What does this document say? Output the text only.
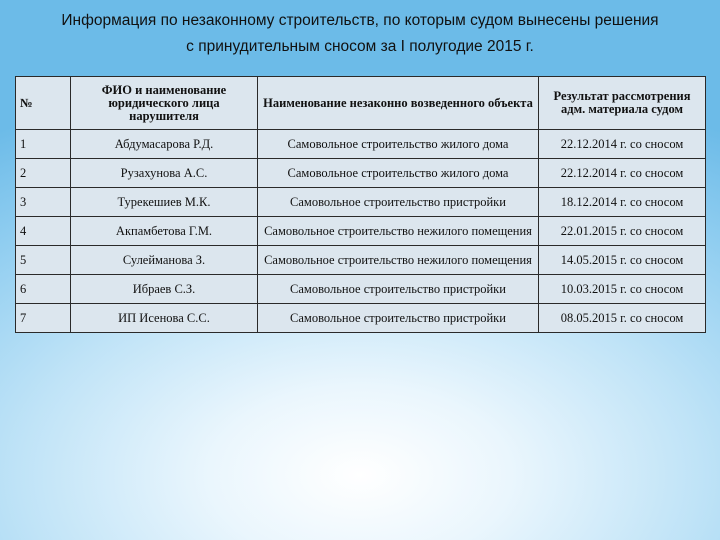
Информация по незаконному строительств, по которым судом вынесены решения
с принудительным сносом за I полугодие 2015 г.
№	ФИО и наименование юридического лица нарушителя	Наименование незаконно возведенного объекта	Результат рассмотрения адм. материала судом
1	Абдумасарова Р.Д.	Самовольное строительство жилого дома	22.12.2014 г. со сносом
2	Рузахунова А.С.	Самовольное строительство жилого дома	22.12.2014 г. со сносом
3	Турекешиев М.К.	Самовольное строительство пристройки	18.12.2014 г. со сносом
4	Акпамбетова Г.М.	Самовольное строительство нежилого помещения	22.01.2015 г. со сносом
5	Сулейманова З.	Самовольное строительство нежилого помещения	14.05.2015 г. со сносом
6	Ибраев С.З.	Самовольное строительство пристройки	10.03.2015 г. со сносом
7	ИП Исенова С.С.	Самовольное строительство пристройки	08.05.2015 г. со сносом
